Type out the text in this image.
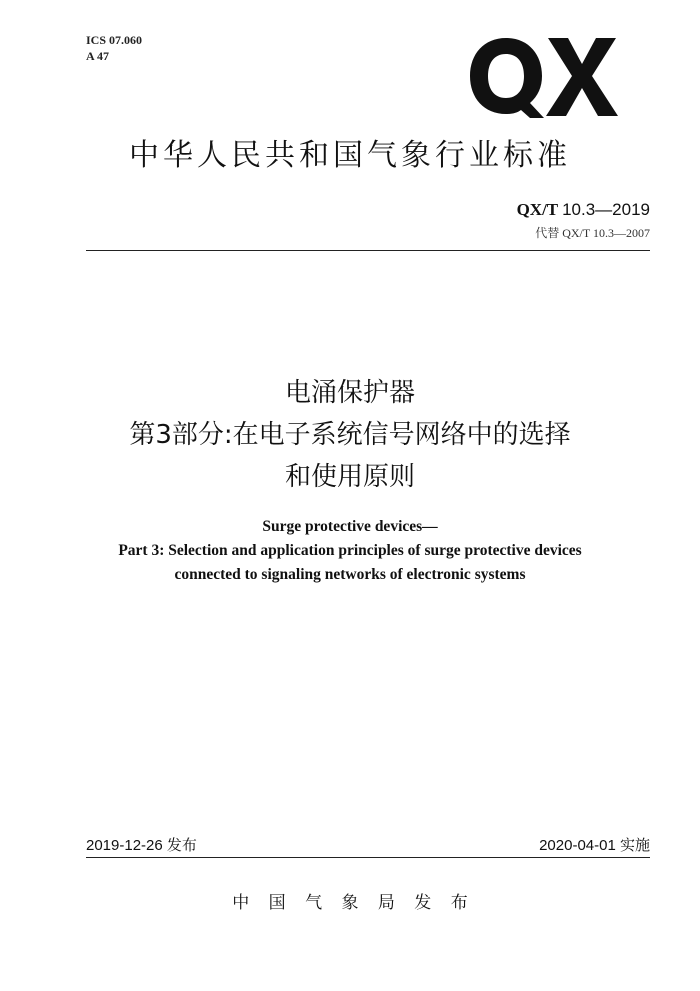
ICS 07.060
A 47
中华人民共和国气象行业标准
QX/T 10.3—2019
代替 QX/T 10.3—2007
电涌保护器
第3部分:在电子系统信号网络中的选择
和使用原则
Surge protective devices—
Part 3: Selection and application principles of surge protective devices
connected to signaling networks of electronic systems
2019-12-26 发布	2020-04-01 实施
中 国 气 象 局 发 布
